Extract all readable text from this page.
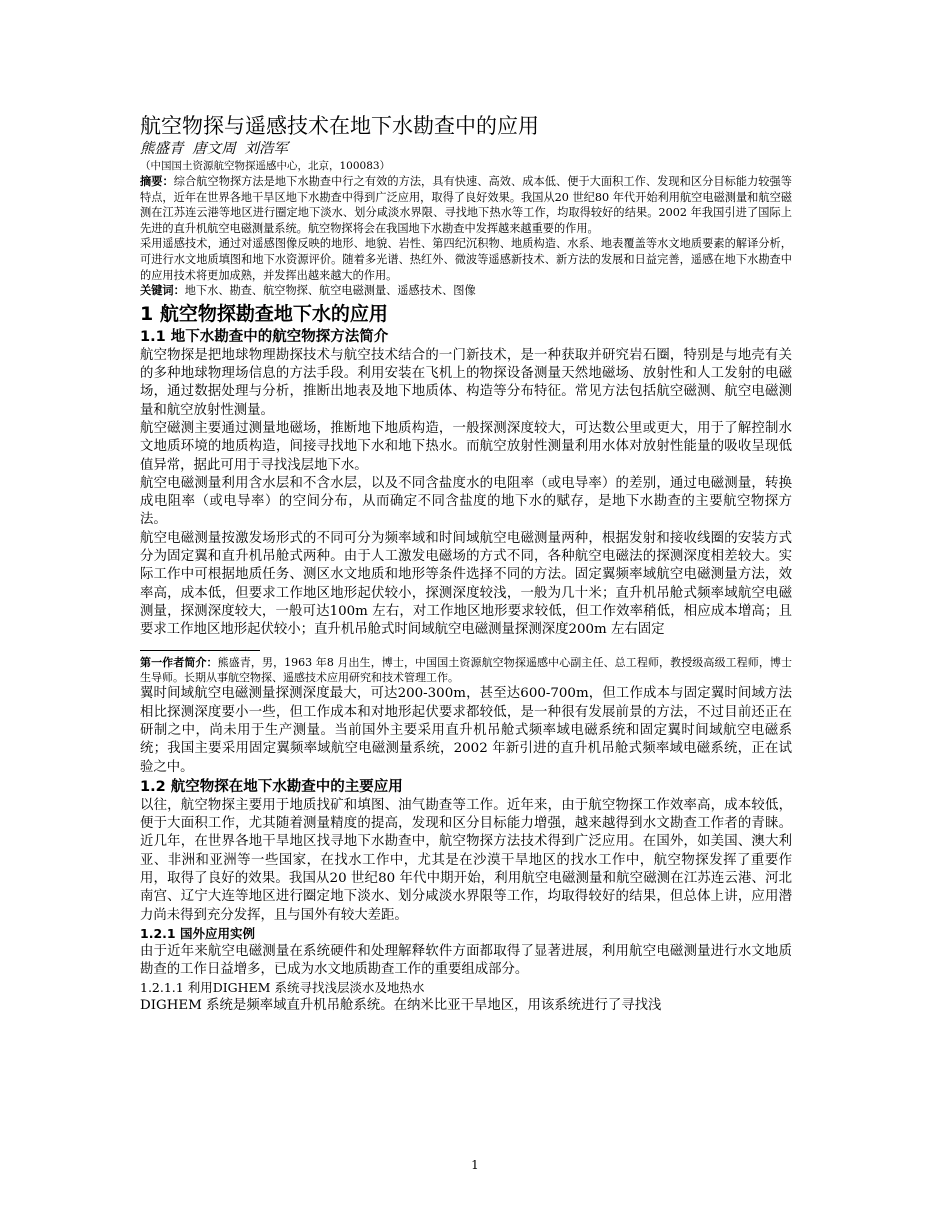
航空物探与遥感技术在地下水勘查中的应用

熊盛青 唐文周 刘浩军

（中国国土资源航空物探遥感中心，北京，100083）

摘要：综合航空物探方法是地下水勘查中行之有效的方法，具有快速、高效、成本低、便于大面积工作、发现和区分目标能力较强等特点，近年在世界各地干旱区地下水勘查中得到广泛应用，取得了良好效果。我国从20 世纪80 年代开始利用航空电磁测量和航空磁测在江苏连云港等地区进行圈定地下淡水、划分咸淡水界限、寻找地下热水等工作，均取得较好的结果。2002 年我国引进了国际上先进的直升机航空电磁测量系统。航空物探将会在我国地下水勘查中发挥越来越重要的作用。

采用遥感技术，通过对遥感图像反映的地形、地貌、岩性、第四纪沉积物、地质构造、水系、地表覆盖等水文地质要素的解译分析，可进行水文地质填图和地下水资源评价。随着多光谱、热红外、微波等遥感新技术、新方法的发展和日益完善，遥感在地下水勘查中的应用技术将更加成熟，并发挥出越来越大的作用。

关键词：地下水、勘查、航空物探、航空电磁测量、遥感技术、图像

1 航空物探勘查地下水的应用

1.1 地下水勘查中的航空物探方法简介

航空物探是把地球物理勘探技术与航空技术结合的一门新技术，是一种获取并研究岩石圈，特别是与地壳有关的多种地球物理场信息的方法手段。利用安装在飞机上的物探设备测量天然地磁场、放射性和人工发射的电磁场，通过数据处理与分析，推断出地表及地下地质体、构造等分布特征。常见方法包括航空磁测、航空电磁测量和航空放射性测量。

航空磁测主要通过测量地磁场，推断地下地质构造，一般探测深度较大，可达数公里或更大，用于了解控制水文地质环境的地质构造，间接寻找地下水和地下热水。而航空放射性测量利用水体对放射性能量的吸收呈现低值异常，据此可用于寻找浅层地下水。

航空电磁测量利用含水层和不含水层，以及不同含盐度水的电阻率（或电导率）的差别，通过电磁测量，转换成电阻率（或电导率）的空间分布，从而确定不同含盐度的地下水的赋存，是地下水勘查的主要航空物探方法。

航空电磁测量按激发场形式的不同可分为频率域和时间域航空电磁测量两种，根据发射和接收线圈的安装方式分为固定翼和直升机吊舱式两种。由于人工激发电磁场的方式不同，各种航空电磁法的探测深度相差较大。实际工作中可根据地质任务、测区水文地质和地形等条件选择不同的方法。固定翼频率域航空电磁测量方法，效率高，成本低，但要求工作地区地形起伏较小，探测深度较浅，一般为几十米；直升机吊舱式频率域航空电磁测量，探测深度较大，一般可达100m 左右，对工作地区地形要求较低，但工作效率稍低，相应成本增高；且要求工作地区地形起伏较小；直升机吊舱式时间域航空电磁测量探测深度200m 左右固定

第一作者简介：熊盛青，男，1963 年8 月出生，博士，中国国土资源航空物探遥感中心副主任、总工程师，教授级高级工程师，博士生导师。长期从事航空物探、遥感技术应用研究和技术管理工作。

翼时间域航空电磁测量探测深度最大，可达200-300m，甚至达600-700m，但工作成本与固定翼时间域方法相比探测深度要小一些，但工作成本和对地形起伏要求都较低，是一种很有发展前景的方法，不过目前还正在研制之中，尚未用于生产测量。当前国外主要采用直升机吊舱式频率域电磁系统和固定翼时间域航空电磁系统；我国主要采用固定翼频率域航空电磁测量系统，2002 年新引进的直升机吊舱式频率域电磁系统，正在试验之中。

1.2 航空物探在地下水勘查中的主要应用

以往，航空物探主要用于地质找矿和填图、油气勘查等工作。近年来，由于航空物探工作效率高，成本较低，便于大面积工作，尤其随着测量精度的提高，发现和区分目标能力增强，越来越得到水文勘查工作者的青睐。近几年，在世界各地干旱地区找寻地下水勘查中，航空物探方法技术得到广泛应用。在国外，如美国、澳大利亚、非洲和亚洲等一些国家，在找水工作中，尤其是在沙漠干旱地区的找水工作中，航空物探发挥了重要作用，取得了良好的效果。我国从20 世纪80 年代中期开始，利用航空电磁测量和航空磁测在江苏连云港、河北南宫、辽宁大连等地区进行圈定地下淡水、划分咸淡水界限等工作，均取得较好的结果，但总体上讲，应用潜力尚未得到充分发挥，且与国外有较大差距。

1.2.1 国外应用实例

由于近年来航空电磁测量在系统硬件和处理解释软件方面都取得了显著进展，利用航空电磁测量进行水文地质勘查的工作日益增多，已成为水文地质勘查工作的重要组成部分。

1.2.1.1 利用DIGHEM 系统寻找浅层淡水及地热水

DIGHEM 系统是频率域直升机吊舱系统。在纳米比亚干旱地区，用该系统进行了寻找浅

1
